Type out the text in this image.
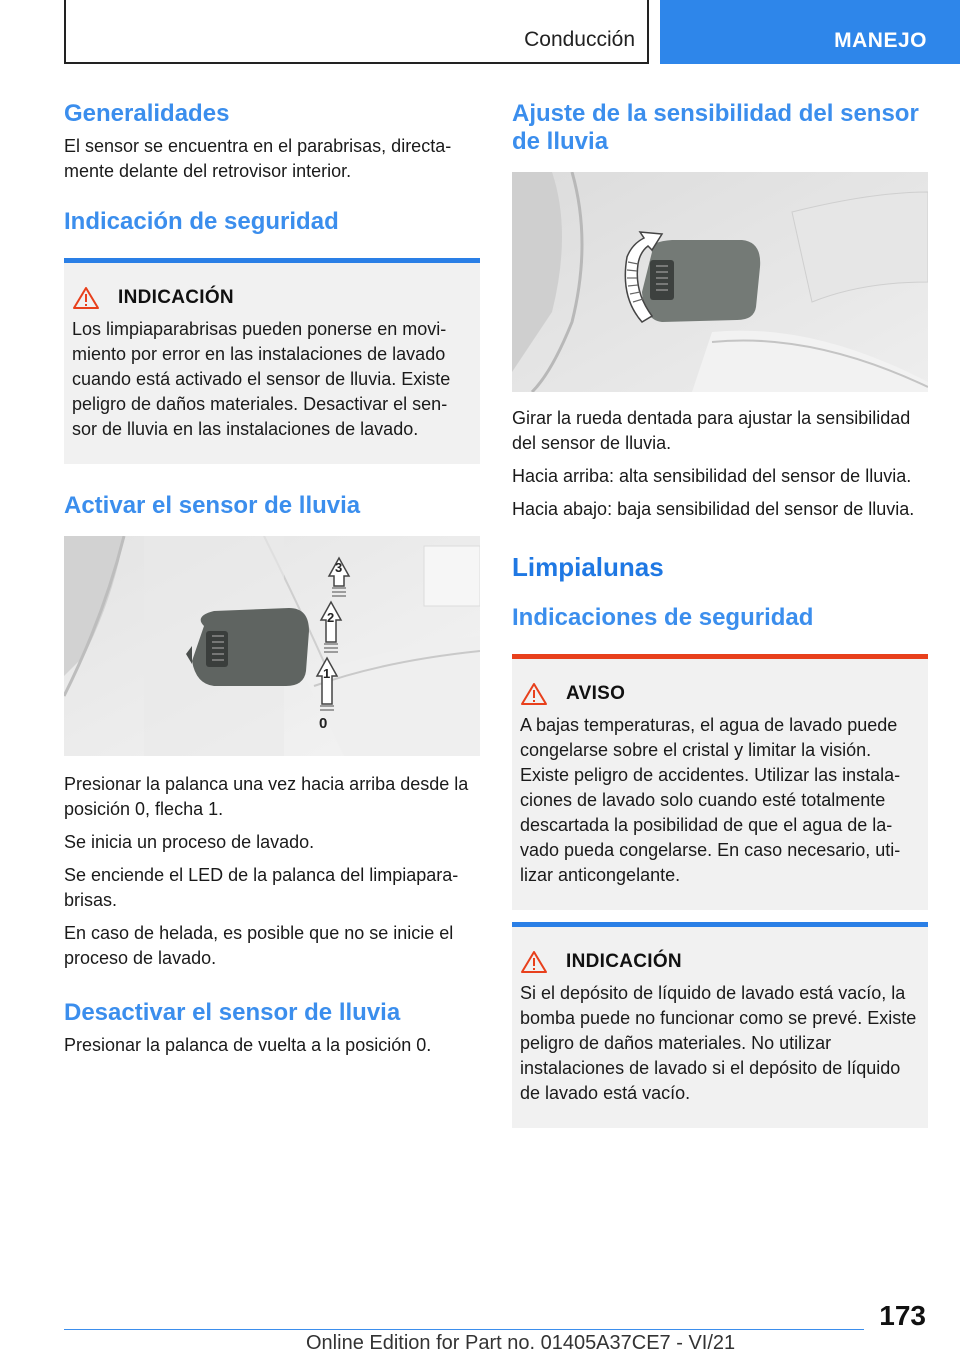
Conducción	MANEJO
Generalidades

El sensor se encuentra en el parabrisas, directa-mente delante del retrovisor interior.

Indicación de seguridad
INDICACIÓN

Los limpiaparabrisas pueden ponerse en movi-miento por error en las instalaciones de lavado cuando está activado el sensor de lluvia. Existe peligro de daños materiales. Desactivar el sen-sor de lluvia en las instalaciones de lavado.

Activar el sensor de lluvia
3
2
1
0

Presionar la palanca una vez hacia arriba desde la posición 0, flecha 1.

Se inicia un proceso de lavado.

Se enciende el LED de la palanca del limpiapara-brisas.

En caso de helada, es posible que no se inicie el proceso de lavado.

Desactivar el sensor de lluvia

Presionar la palanca de vuelta a la posición 0.

Ajuste de la sensibilidad del sensor de lluvia

Girar la rueda dentada para ajustar la sensibilidad del sensor de lluvia.

Hacia arriba: alta sensibilidad del sensor de lluvia.

Hacia abajo: baja sensibilidad del sensor de lluvia.

Limpialunas
Indicaciones de seguridad
AVISO

A bajas temperaturas, el agua de lavado puede congelarse sobre el cristal y limitar la visión. Existe peligro de accidentes. Utilizar las instala-ciones de lavado solo cuando esté totalmente descartada la posibilidad de que el agua de la-vado pueda congelarse. En caso necesario, uti-lizar anticongelante.

INDICACIÓN

Si el depósito de líquido de lavado está vacío, la bomba puede no funcionar como se prevé. Existe peligro de daños materiales. No utilizar instalaciones de lavado si el depósito de líquido de lavado está vacío.

173
Online Edition for Part no. 01405A37CE7 - VI/21
